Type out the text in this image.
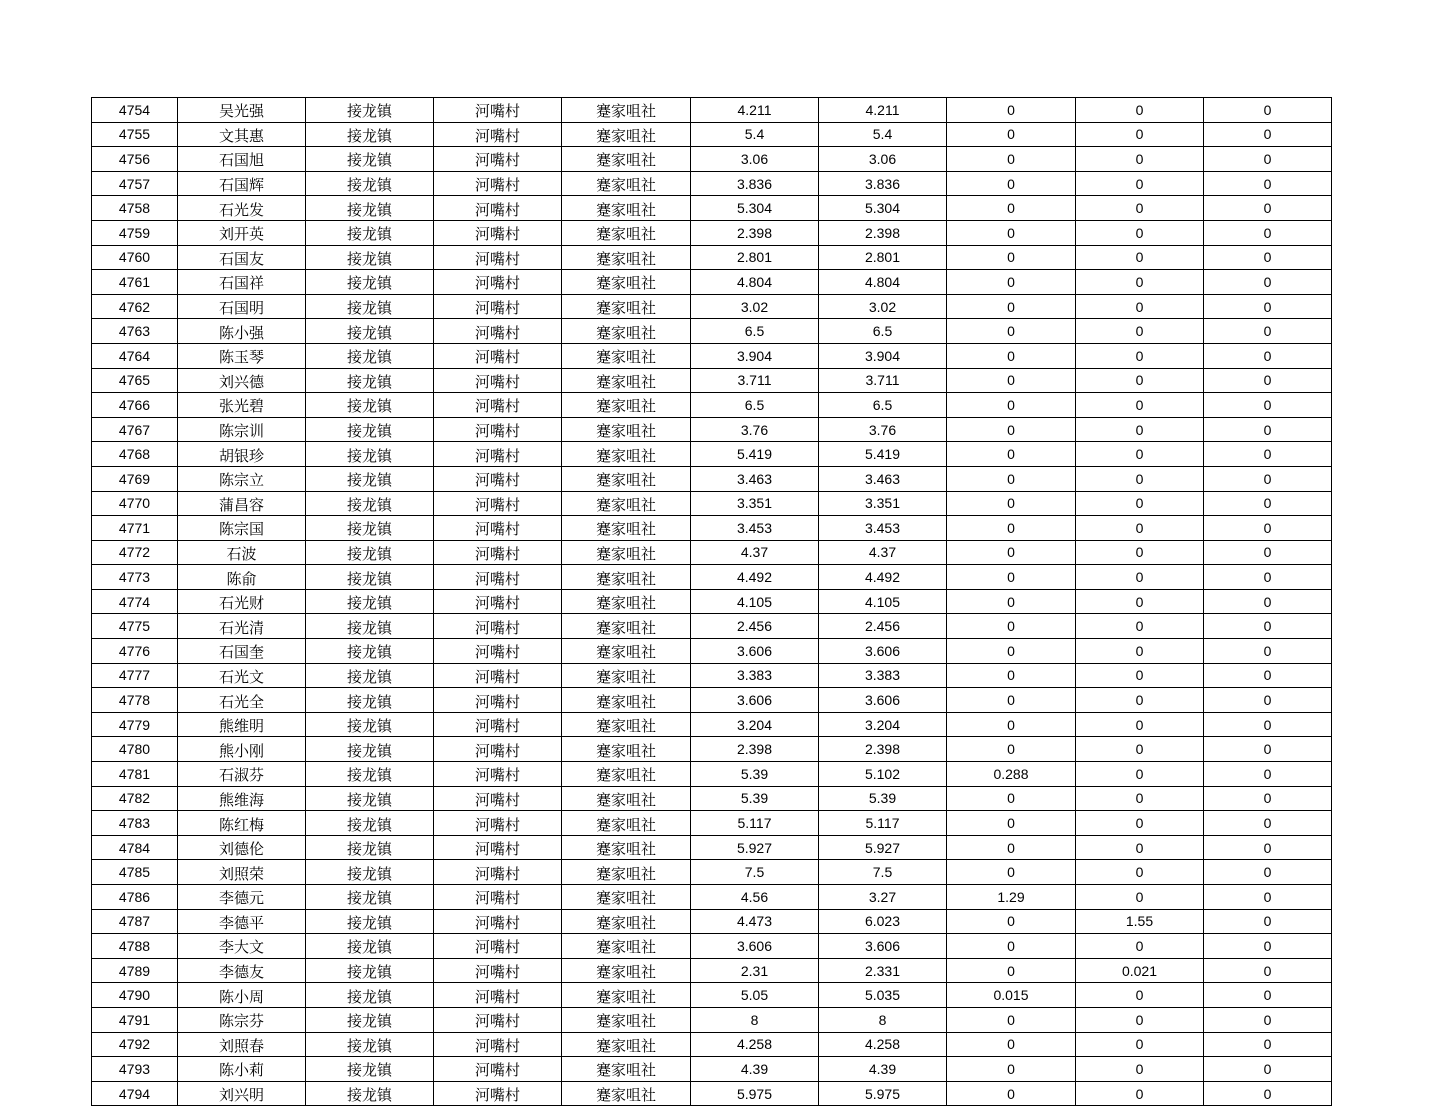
4754	吴光强	接龙镇	河嘴村	蹇家咀社	4.211	4.211	0	0	0
4755	文其惠	接龙镇	河嘴村	蹇家咀社	5.4	5.4	0	0	0
4756	石国旭	接龙镇	河嘴村	蹇家咀社	3.06	3.06	0	0	0
4757	石国辉	接龙镇	河嘴村	蹇家咀社	3.836	3.836	0	0	0
4758	石光发	接龙镇	河嘴村	蹇家咀社	5.304	5.304	0	0	0
4759	刘开英	接龙镇	河嘴村	蹇家咀社	2.398	2.398	0	0	0
4760	石国友	接龙镇	河嘴村	蹇家咀社	2.801	2.801	0	0	0
4761	石国祥	接龙镇	河嘴村	蹇家咀社	4.804	4.804	0	0	0
4762	石国明	接龙镇	河嘴村	蹇家咀社	3.02	3.02	0	0	0
4763	陈小强	接龙镇	河嘴村	蹇家咀社	6.5	6.5	0	0	0
4764	陈玉琴	接龙镇	河嘴村	蹇家咀社	3.904	3.904	0	0	0
4765	刘兴德	接龙镇	河嘴村	蹇家咀社	3.711	3.711	0	0	0
4766	张光碧	接龙镇	河嘴村	蹇家咀社	6.5	6.5	0	0	0
4767	陈宗训	接龙镇	河嘴村	蹇家咀社	3.76	3.76	0	0	0
4768	胡银珍	接龙镇	河嘴村	蹇家咀社	5.419	5.419	0	0	0
4769	陈宗立	接龙镇	河嘴村	蹇家咀社	3.463	3.463	0	0	0
4770	蒲昌容	接龙镇	河嘴村	蹇家咀社	3.351	3.351	0	0	0
4771	陈宗国	接龙镇	河嘴村	蹇家咀社	3.453	3.453	0	0	0
4772	石波	接龙镇	河嘴村	蹇家咀社	4.37	4.37	0	0	0
4773	陈俞	接龙镇	河嘴村	蹇家咀社	4.492	4.492	0	0	0
4774	石光财	接龙镇	河嘴村	蹇家咀社	4.105	4.105	0	0	0
4775	石光清	接龙镇	河嘴村	蹇家咀社	2.456	2.456	0	0	0
4776	石国奎	接龙镇	河嘴村	蹇家咀社	3.606	3.606	0	0	0
4777	石光文	接龙镇	河嘴村	蹇家咀社	3.383	3.383	0	0	0
4778	石光全	接龙镇	河嘴村	蹇家咀社	3.606	3.606	0	0	0
4779	熊维明	接龙镇	河嘴村	蹇家咀社	3.204	3.204	0	0	0
4780	熊小刚	接龙镇	河嘴村	蹇家咀社	2.398	2.398	0	0	0
4781	石淑芬	接龙镇	河嘴村	蹇家咀社	5.39	5.102	0.288	0	0
4782	熊维海	接龙镇	河嘴村	蹇家咀社	5.39	5.39	0	0	0
4783	陈红梅	接龙镇	河嘴村	蹇家咀社	5.117	5.117	0	0	0
4784	刘德伦	接龙镇	河嘴村	蹇家咀社	5.927	5.927	0	0	0
4785	刘照荣	接龙镇	河嘴村	蹇家咀社	7.5	7.5	0	0	0
4786	李德元	接龙镇	河嘴村	蹇家咀社	4.56	3.27	1.29	0	0
4787	李德平	接龙镇	河嘴村	蹇家咀社	4.473	6.023	0	1.55	0
4788	李大文	接龙镇	河嘴村	蹇家咀社	3.606	3.606	0	0	0
4789	李德友	接龙镇	河嘴村	蹇家咀社	2.31	2.331	0	0.021	0
4790	陈小周	接龙镇	河嘴村	蹇家咀社	5.05	5.035	0.015	0	0
4791	陈宗芬	接龙镇	河嘴村	蹇家咀社	8	8	0	0	0
4792	刘照春	接龙镇	河嘴村	蹇家咀社	4.258	4.258	0	0	0
4793	陈小莉	接龙镇	河嘴村	蹇家咀社	4.39	4.39	0	0	0
4794	刘兴明	接龙镇	河嘴村	蹇家咀社	5.975	5.975	0	0	0
